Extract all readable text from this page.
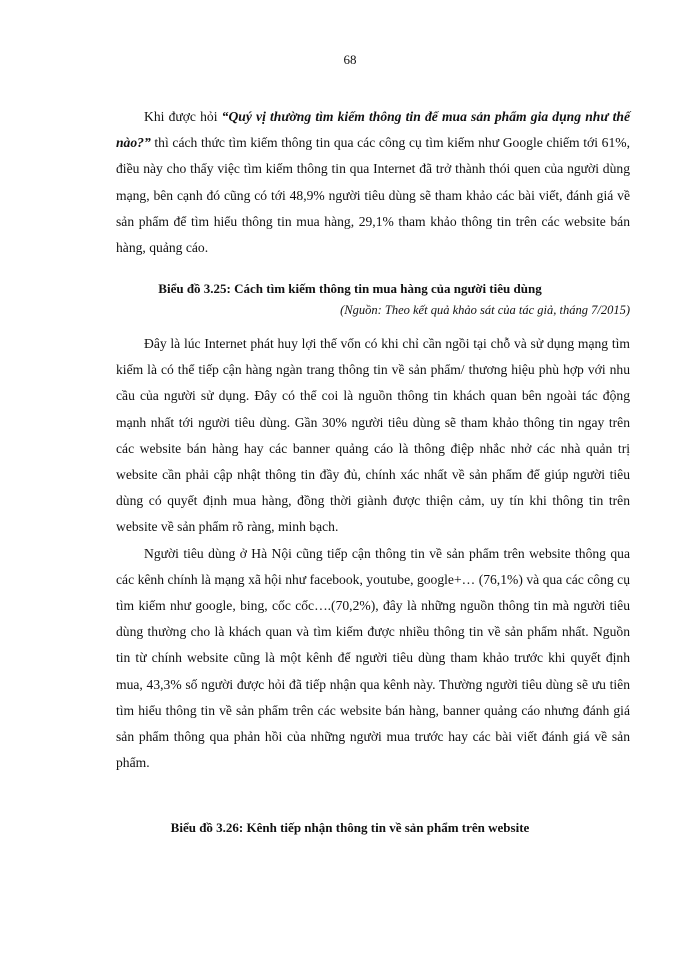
68

Khi được hỏi “Quý vị thường tìm kiếm thông tin để mua sản phẩm gia dụng như thế nào?” thì cách thức tìm kiếm thông tin qua các công cụ tìm kiếm như Google chiếm tới 61%, điều này cho thấy việc tìm kiếm thông tin qua Internet đã trở thành thói quen của người dùng mạng, bên cạnh đó cũng có tới 48,9% người tiêu dùng sẽ tham khảo các bài viết, đánh giá về sản phẩm để tìm hiểu thông tin mua hàng, 29,1% tham khảo thông tin trên các website bán hàng, quảng cáo.

Biểu đồ 3.25: Cách tìm kiếm thông tin mua hàng của người tiêu dùng
(Nguồn: Theo kết quả khảo sát của tác giả, tháng 7/2015)

Đây là lúc Internet phát huy lợi thế vốn có khi chỉ cần ngồi tại chỗ và sử dụng mạng tìm kiếm là có thể tiếp cận hàng ngàn trang thông tin về sản phẩm/ thương hiệu phù hợp với nhu cầu của người sử dụng. Đây có thể coi là nguồn thông tin khách quan bên ngoài tác động mạnh nhất tới người tiêu dùng. Gần 30% người tiêu dùng sẽ tham khảo thông tin ngay trên các website bán hàng hay các banner quảng cáo là thông điệp nhắc nhở các nhà quản trị website cần phải cập nhật thông tin đầy đủ, chính xác nhất về sản phẩm để giúp người tiêu dùng có quyết định mua hàng, đồng thời giành được thiện cảm, uy tín khi thông tin trên website về sản phẩm rõ ràng, minh bạch.

Người tiêu dùng ở Hà Nội cũng tiếp cận thông tin về sản phẩm trên website thông qua các kênh chính là mạng xã hội như facebook, youtube, google+… (76,1%) và qua các công cụ tìm kiếm như google, bing, cốc cốc….(70,2%), đây là những nguồn thông tin mà người tiêu dùng thường cho là khách quan và tìm kiếm được nhiều thông tin về sản phẩm nhất. Nguồn tin từ chính website cũng là một kênh để người tiêu dùng tham khảo trước khi quyết định mua, 43,3% số người được hỏi đã tiếp nhận qua kênh này. Thường người tiêu dùng sẽ ưu tiên tìm hiểu thông tin về sản phẩm trên các website bán hàng, banner quảng cáo nhưng đánh giá sản phẩm thông qua phản hồi của những người mua trước hay các bài viết đánh giá về sản phẩm.

Biểu đồ 3.26: Kênh tiếp nhận thông tin về sản phẩm trên website
